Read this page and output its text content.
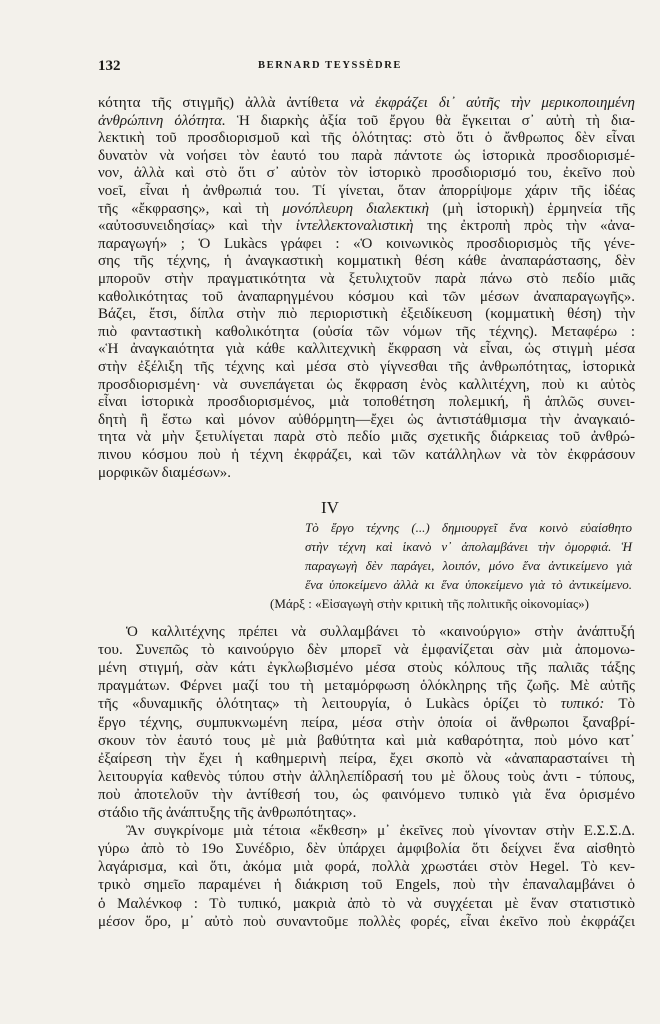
132	BERNARD TEYSSÈDRE
κότητα τῆς στιγμῆς) ἀλλὰ ἀντίθετα νὰ ἐκφράζει δι᾽ αὐτῆς τὴν μερικοποιημένη
ἀνθρώπινη ὁλότητα. Ἡ διαρκὴς ἀξία τοῦ ἔργου θὰ ἔγκειται σ᾽ αὐτὴ τὴ δια-
λεκτικὴ τοῦ προσδιορισμοῦ καὶ τῆς ὁλότητας: στὸ ὅτι ὁ ἄνθρωπος δὲν εἶναι
δυνατὸν νὰ νοήσει τὸν ἑαυτό του παρὰ πάντοτε ὡς ἱστορικὰ προσδιορισμέ-
νον, ἀλλὰ καὶ στὸ ὅτι σ᾽ αὐτὸν τὸν ἱστορικὸ προσδιορισμό του, ἐκεῖνο ποὺ
νοεῖ, εἶναι ἡ ἀνθρωπιά του. Τί γίνεται, ὅταν ἀπορρίψομε χάριν τῆς ἰδέας
τῆς «ἔκφρασης», καὶ τὴ μονόπλευρη διαλεκτικὴ (μὴ ἱστορικὴ) ἑρμηνεία τῆς
«αὐτοσυνειδησίας» καὶ τὴν ἰντελλεκτοναλιστικὴ της ἐκτροπὴ πρὸς τὴν «ἀνα-
παραγωγή» ; Ὁ Lukàcs γράφει : «Ὁ κοινωνικὸς προσδιορισμὸς τῆς γένε-
σης τῆς τέχνης, ἡ ἀναγκαστικὴ κομματικὴ θέση κάθε ἀναπαράστασης, δὲν
μποροῦν στὴν πραγματικότητα νὰ ξετυλιχτοῦν παρὰ πάνω στὸ πεδίο μιᾶς
καθολικότητας τοῦ ἀναπαρηγμένου κόσμου καὶ τῶν μέσων ἀναπαραγωγῆς».
Βάζει, ἔτσι, δίπλα στὴν πιὸ περιοριστικὴ ἐξειδίκευση (κομματικὴ θέση) τὴν
πιὸ φανταστικὴ καθολικότητα (οὐσία τῶν νόμων τῆς τέχνης). Μεταφέρω :
«Ἡ ἀναγκαιότητα γιὰ κάθε καλλιτεχνικὴ ἔκφραση νὰ εἶναι, ὡς στιγμὴ μέσα
στὴν ἐξέλιξη τῆς τέχνης καὶ μέσα στὸ γίγνεσθαι τῆς ἀνθρωπότητας, ἱστορικὰ
προσδιορισμένη· νὰ συνεπάγεται ὡς ἔκφραση ἑνὸς καλλιτέχνη, ποὺ κι αὐτὸς
εἶναι ἱστορικὰ προσδιορισμένος, μιὰ τοποθέτηση πολεμική, ἢ ἁπλῶς συνει-
δητὴ ἢ ἔστω καὶ μόνον αὐθόρμητη—ἔχει ὡς ἀντιστάθμισμα τὴν ἀναγκαιό-
τητα νὰ μὴν ξετυλίγεται παρὰ στὸ πεδίο μιᾶς σχετικῆς διάρκειας τοῦ ἀνθρώ-
πινου κόσμου ποὺ ἡ τέχνη ἐκφράζει, καὶ τῶν κατάλληλων νὰ τὸν ἐκφράσουν
μορφικῶν διαμέσων».
IV
Τὸ ἔργο τέχνης (...) δημιουργεῖ ἕνα κοινὸ εὐαίσθητο
στὴν τέχνη καὶ ἱκανὸ ν᾽ ἀπολαμβάνει τὴν ὀμορφιά. Ἡ
παραγωγὴ δὲν παράγει, λοιπόν, μόνο ἕνα ἀντικείμενο γιὰ
ἕνα ὑποκείμενο ἀλλὰ κι ἕνα ὑποκείμενο γιὰ τὸ ἀντικείμενο.
(Μάρξ : «Εἰσαγωγὴ στὴν κριτικὴ τῆς πολιτικῆς οἰκονομίας»)
Ὁ καλλιτέχνης πρέπει νὰ συλλαμβάνει τὸ «καινούργιο» στὴν ἀνάπτυξή
του. Συνεπῶς τὸ καινούργιο δὲν μπορεῖ νὰ ἐμφανίζεται σὰν μιὰ ἀπομονω-
μένη στιγμή, σὰν κάτι ἐγκλωβισμένο μέσα στοὺς κόλπους τῆς παλιᾶς τάξης
πραγμάτων. Φέρνει μαζί του τὴ μεταμόρφωση ὁλόκληρης τῆς ζωῆς. Μὲ αὐτῆς
τῆς «δυναμικῆς ὁλότητας» τὴ λειτουργία, ὁ Lukàcs ὁρίζει τὸ τυπικό: Τὸ
ἔργο τέχνης, συμπυκνωμένη πείρα, μέσα στὴν ὁποία οἱ ἄνθρωποι ξαναβρί-
σκουν τὸν ἑαυτό τους μὲ μιὰ βαθύτητα καὶ μιὰ καθαρότητα, ποὺ μόνο κατ᾽
ἐξαίρεση τὴν ἔχει ἡ καθημερινὴ πείρα, ἔχει σκοπὸ νὰ «ἀναπαρασταίνει τὴ
λειτουργία καθενὸς τύπου στὴν ἀλληλεπίδρασή του μὲ ὅλους τοὺς ἀντι - τύπους,
ποὺ ἀποτελοῦν τὴν ἀντίθεσή του, ὡς φαινόμενο τυπικὸ γιὰ ἕνα ὁρισμένο
στάδιο τῆς ἀνάπτυξης τῆς ἀνθρωπότητας».
Ἂν συγκρίνομε μιὰ τέτοια «ἔκθεση» μ᾽ ἐκεῖνες ποὺ γίνονταν στὴν Ε.Σ.Σ.Δ.
γύρω ἀπὸ τὸ 19ο Συνέδριο, δὲν ὑπάρχει ἀμφιβολία ὅτι δείχνει ἕνα αἰσθητὸ
λαγάρισμα, καὶ ὅτι, ἀκόμα μιὰ φορά, πολλὰ χρωστάει στὸν Hegel. Τὸ κεν-
τρικὸ σημεῖο παραμένει ἡ διάκριση τοῦ Engels, ποὺ τὴν ἐπαναλαμβάνει ὁ
ὁ Μαλένκοφ : Τὸ τυπικό, μακριὰ ἀπὸ τὸ νὰ συγχέεται μὲ ἕναν στατιστικὸ
μέσον ὅρο, μ᾽ αὐτὸ ποὺ συναντοῦμε πολλὲς φορές, εἶναι ἐκεῖνο ποὺ ἐκφράζει
